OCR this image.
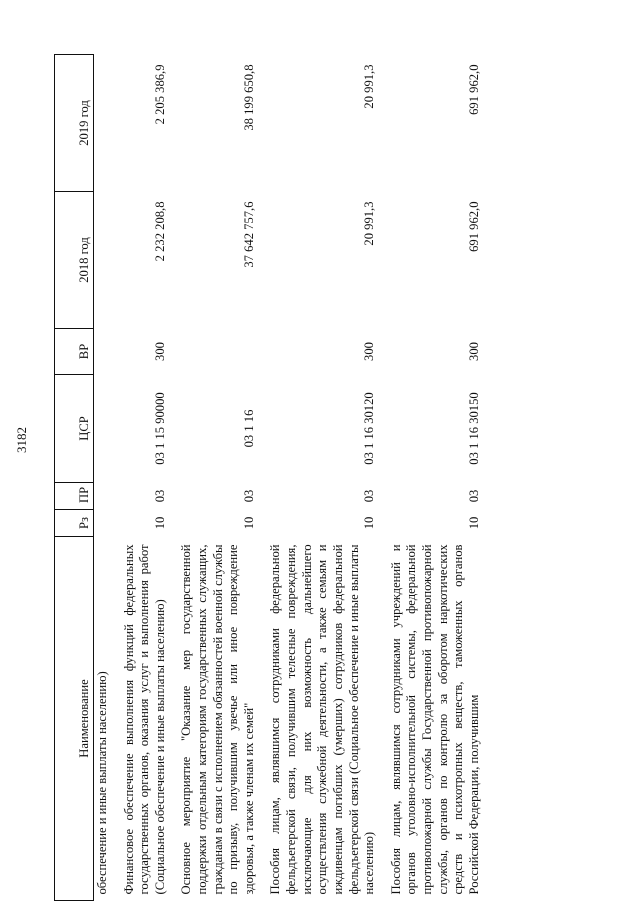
3182
Наименование	Рз	ПР	ЦСР	ВР	2018 год	2019 год
обеспечение и иные выплаты населению)						
Финансовое обеспечение выполнения функций федеральных государственных органов, оказания услуг и выполнения работ (Социальное обеспечение и иные выплаты населению)	10	03	03 1 15 90000	300	2 232 208,8	2 205 386,9
Основное мероприятие "Оказание мер государственной поддержки отдельным категориям государственных служащих, гражданам в связи с исполнением обязанностей военной службы по призыву, получившим увечье или иное повреждение здоровья, а также членам их семей"	10	03	03 1 16		37 642 757,6	38 199 650,8
Пособия лицам, являвшимся сотрудниками федеральной фельдъегерской связи, получившим телесные повреждения, исключающие для них возможность дальнейшего осуществления служебной деятельности, а также семьям и иждивенцам погибших (умерших) сотрудников федеральной фельдъегерской связи (Социальное обеспечение и иные выплаты населению)	10	03	03 1 16 30120	300	20 991,3	20 991,3
Пособия лицам, являвшимся сотрудниками учреждений и органов уголовно-исполнительной системы, федеральной противопожарной службы Государственной противопожарной службы, органов по контролю за оборотом наркотических средств и психотропных веществ, таможенных органов Российской Федерации, получившим	10	03	03 1 16 30150	300	691 962,0	691 962,0
